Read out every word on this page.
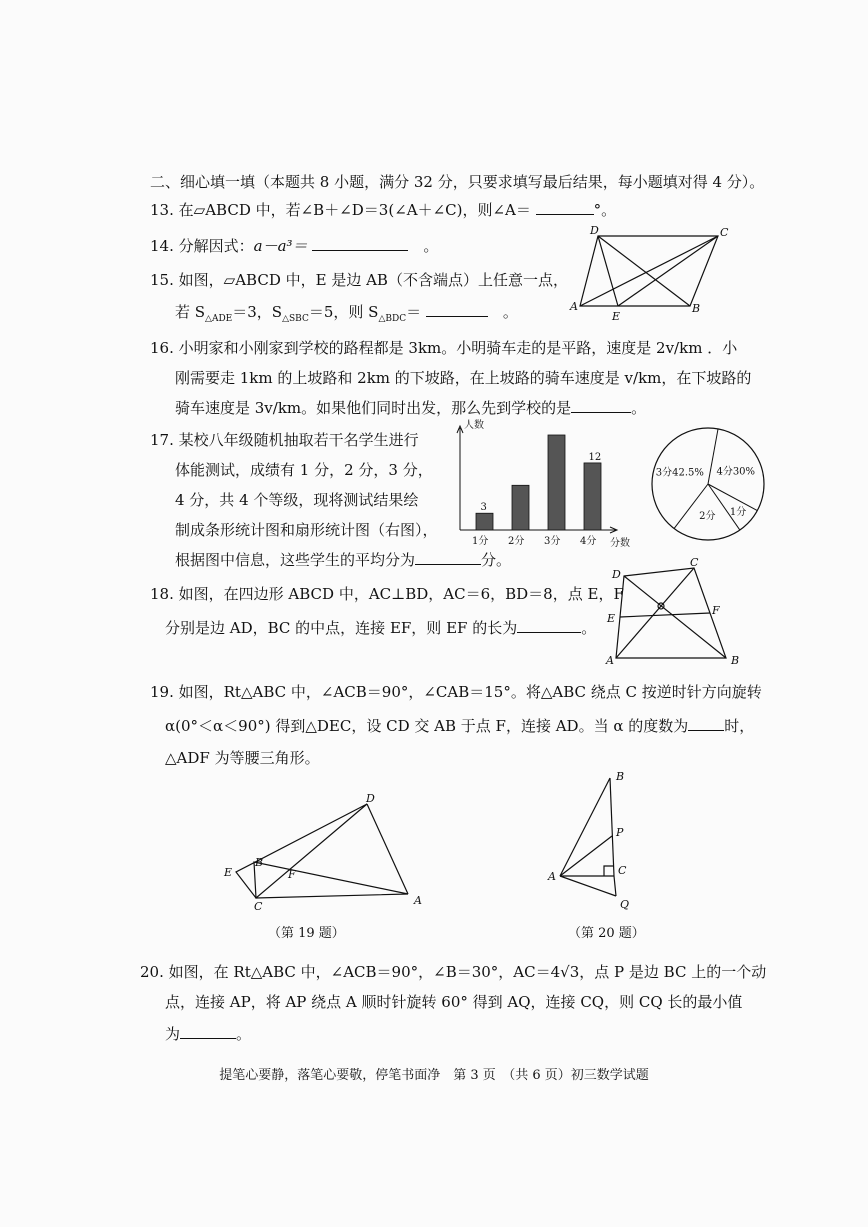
二、细心填一填（本题共 8 小题，满分 32 分，只要求填写最后结果，每小题填对得 4 分）。
13. 在▱ABCD 中，若∠B＋∠D＝3(∠A＋∠C)，则∠A＝	°。
14. 分解因式：a－a³＝ 　	。
15. 如图，▱ABCD 中，E 是边 AB（不含端点）上任意一点，
若 $S_{\triangle ADE}=3$，$S_{\triangle SBC}=5$，则 $S_{\triangle BDC}=$ 　	。
D	C
A
E
B
16. 小明家和小刚家到学校的路程都是 3km。小明骑车走的是平路，速度是 2v/km ．小
刚需要走 1km 的上坡路和 2km 的下坡路，在上坡路的骑车速度是 v/km，在下坡路的
骑车速度是 3v/km。如果他们同时出发，那么先到学校的是	。
17. 某校八年级随机抽取若干名学生进行
体能测试，成绩有 1 分，2 分，3 分，
4 分，共 4 个等级，现将测试结果绘
制成条形统计图和扇形统计图（右图），
根据图中信息，这些学生的平均分为	分。
人数
分数
1分
3
2分 3分 4分
12
4分30%
1分
2分
3分42.5%
18. 如图，在四边形 ABCD 中，AC⊥BD，AC＝6，BD＝8，点 E，F
分别是边 AD，BC 的中点，连接 EF，则 EF 的长为	。
D
C
E
F
A	B
19. 如图，Rt△ABC 中，∠ACB＝90°，∠CAB＝15°。将△ABC 绕点 C 按逆时针方向旋转
α(0°＜α＜90°) 得到△DEC，设 CD 交 AB 于点 F，连接 AD。当 α 的度数为 时，
△ADF 为等腰三角形。
D
E
B
F
C	A
（第 19 题）
B
P
A	C
Q
（第 20 题）
20. 如图，在 Rt△ABC 中，∠ACB＝90°，∠B＝30°，AC＝4√3，点 P 是边 BC 上的一个动
点，连接 AP，将 AP 绕点 A 顺时针旋转 60° 得到 AQ，连接 CQ，则 CQ 长的最小值
为	。
提笔心要静，落笔心要敬，停笔书面净　第 3 页　（共 6 页）初三数学试题
